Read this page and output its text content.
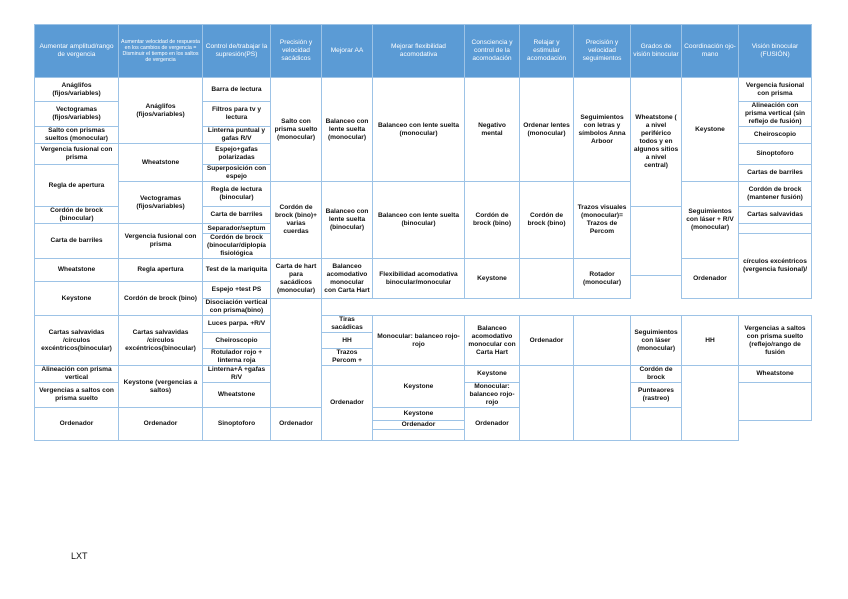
Aumentar amplitud/rango de vergencia	Aumentar velocidad de respuesta en los cambios de vergencia = Disminuir el tiempo en los saltos de vergencia	Control de/trabajar la supresión(PS)	Precisión y velocidad sacádicos	Mejorar AA	Mejorar flexibilidad acomodativa	Consciencia y control de la acomodación	Relajar y estimular acomodación	Precisión y velocidad seguimientos	Grados de visión binocular	Coordinación ojo-mano	Visión binocular (FUSIÓN)
Anáglifos (fijos/variables)	Anáglifos (fijos/variables)	Barra de lectura	Salto con prisma suelto (monocular)	Balanceo con lente suelta (monocular)	Balanceo con lente suelta (monocular)	Negativo mental	Ordenar lentes (monocular)	Seguimientos con letras y símbolos Anna Arboor	Wheatstone ( a nivel periférico todos y en algunos sitios a nivel central)	Keystone	Vergencia fusional con prisma
Vectogramas (fijos/variables)		Filtros para tv y lectura									Alineación con prisma vertical (sin reflejo de fusión)
Salto con prismas sueltos (monocular)		Linterna puntual y gafas R/V									Cheiroscopio
Vergencia fusional con prisma	Wheatstone	Espejo+gafas polarizadas									Sinoptoforo
Regla de apertura		Superposición con espejo									Cartas de barriles
	Vectogramas (fijos/variables)	Regla de lectura (binocular)	Cordón de brock (bino)+ varias cuerdas	Balanceo con lente suelta (binocular)	Balanceo con lente suelta (binocular)	Cordón de brock (bino)	Cordón de brock (bino)	Trazos visuales (monocular)= Trazos de Percom		Seguimientos con láser + R/V (monocular)	Cordón de brock (mantener fusión)
Cordón de brock (binocular)		Carta de barriles									Cartas salvavidas
Carta de barriles	Vergencia fusional con prisma	Separador/septum									
		Cordón de brock (binocular/diplopía fisiológica									círculos excéntricos (vergencia fusional)/
Wheatstone	Regla apertura	Test de la mariquita	Carta de hart para sacádicos (monocular)	Balanceo acomodativo monocular con Carta Hart	Flexibilidad acomodativa binocular/monocular	Keystone		Rotador (monocular)		Ordenador	

Keystone	Cordón de brock (bino)	Espejo +test PS									
		Disociación vertical con prisma(bino)									
Cartas salvavidas /círculos excéntricos(binocular)	Cartas salvavidas /círculos excéntricos(binocular)	Luces parpa. +R/V		Tiras sacádicas	Monocular: balanceo rojo-rojo	Balanceo acomodativo monocular con Carta Hart	Ordenador		Seguimientos con láser (monocular)	HH	Vergencias a saltos con prisma suelto (reflejo/rango de fusión
		Cheiroscopio		HH							
		Rotulador rojo + linterna roja		Trazos Percom +							
Alineación con prisma vertical	Keystone (vergencias a saltos)	Linterna+A +gafas R/V		Ordenador	Keystone	Keystone			Cordón de brock		Wheatstone
Vergencias a saltos con prisma suelto		Wheatstone				Monocular: balanceo rojo-rojo			Punteaores (rastreo)		
Ordenador	Ordenador	Sinoptoforo	Ordenador		Keystone	Ordenador					
					Ordenador						

LXT
